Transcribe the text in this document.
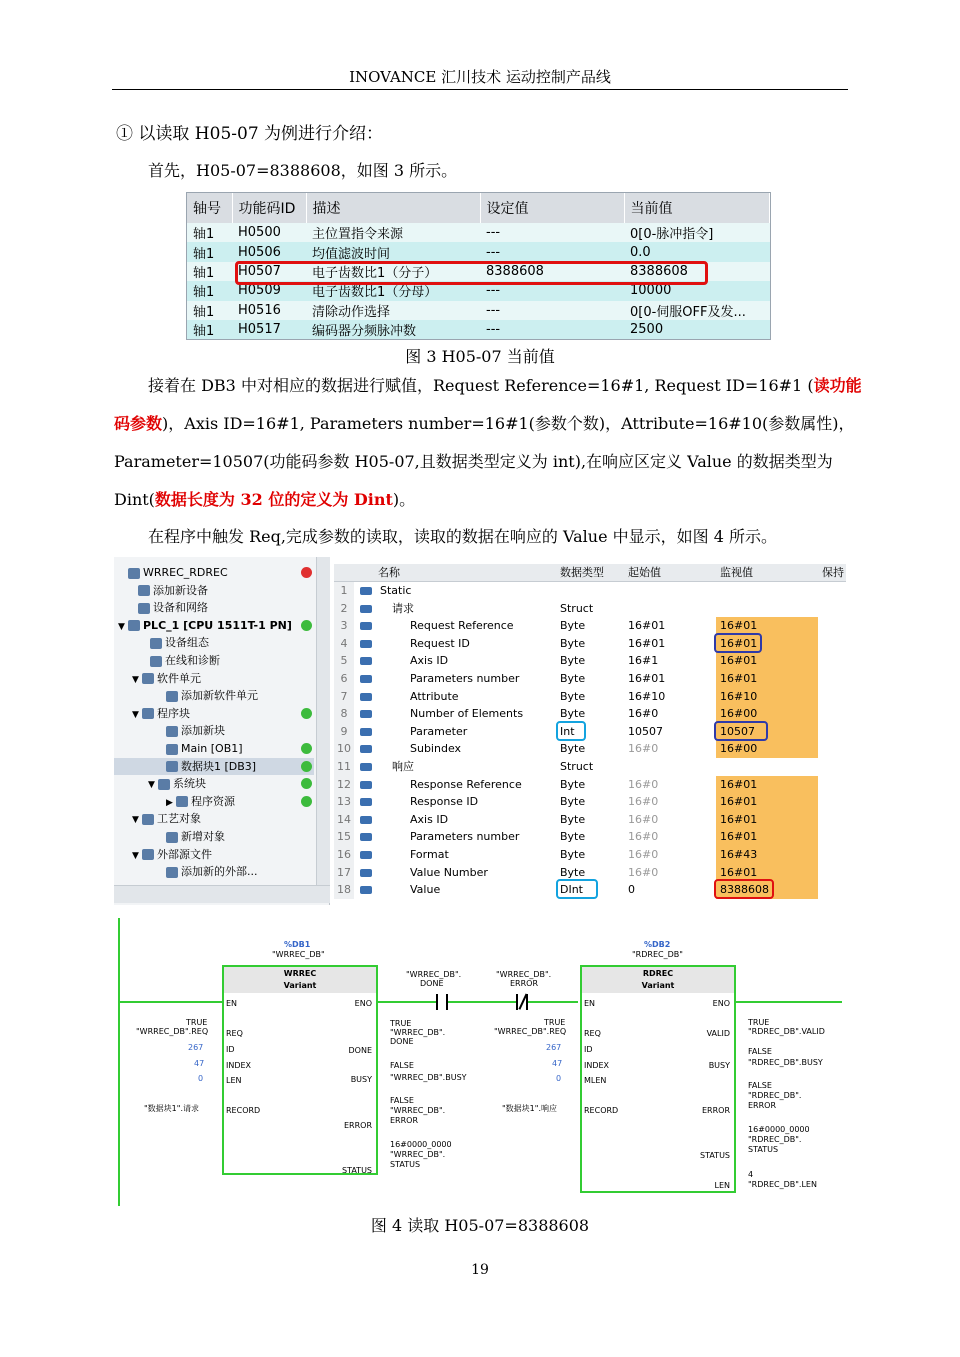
INOVANCE 汇川技术 运动控制产品线
① 以读取 H05-07 为例进行介绍：
首先，H05-07=8388608，如图 3 所示。
轴号	功能码ID	描述	设定值	当前值
轴1	H0500	主位置指令来源	---	0[0-脉冲指令]
轴1	H0506	均值滤波时间	---	0.0
轴1	H0507	电子齿数比1（分子）	8388608	8388608
轴1	H0509	电子齿数比1（分母）	---	10000
轴1	H0516	清除动作选择	---	0[0-伺服OFF及发...
轴1	H0517	编码器分频脉冲数	---	2500
图 3 H05-07 当前值
接着在 DB3 中对相应的数据进行赋值，Request Reference=16#1, Request ID=16#1 (读功能
码参数)，Axis ID=16#1, Parameters number=16#1(参数个数)，Attribute=16#10(参数属性)，
Parameter=10507(功能码参数 H05-07,且数据类型定义为 int),在响应区定义 Value 的数据类型为
Dint(数据长度为 32 位的定义为 Dint)。
在程序中触发 Req,完成参数的读取，读取的数据在响应的 Value 中显示，如图 4 所示。
WRREC_RDREC
添加新设备
设备和网络
▼ PLC_1 [CPU 1511T-1 PN]
设备组态
在线和诊断
▼ 软件单元
添加新软件单元
▼ 程序块
添加新块
Main [OB1]
数据块1 [DB3]
▼ 系统块
▶ 程序资源
▼ 工艺对象
新增对象
▼ 外部源文件
添加新的外部...
名称	数据类型 起始值	监视值	保持
1	Static
2	请求	Struct
3	Request Reference	Byte	16#01	16#01
4	Request ID	Byte	16#01	16#01
5	Axis ID	Byte	16#1	16#01
6	Parameters number	Byte	16#01	16#01
7	Attribute	Byte	16#10	16#10
8	Number of Elements	Byte	16#0	16#00
9	Parameter	Int	10507	10507
10	Subindex	Byte	16#0	16#00
11	响应	Struct
12	Response Reference	Byte	16#0	16#01
13	Response ID	Byte	16#0	16#01
14	Axis ID	Byte	16#0	16#01
15	Parameters number	Byte	16#0	16#01
16	Format	Byte	16#0	16#43
17	Value Number	Byte	16#0	16#01
18	Value	DInt	0	8388608
%DB1
"WRREC_DB"
WRREC
Variant
EN	ENO
REQ
ID
INDEX
LEN
RECORD
DONE
BUSY
ERROR
STATUS
TRUE
"WRREC_DB".REQ
267
47
0
"数据块1".请求
TRUE
"WRREC_DB".
DONE
FALSE
"WRREC_DB".BUSY
FALSE
"WRREC_DB".
ERROR
16#0000_0000
"WRREC_DB".
STATUS
"WRREC_DB".
DONE
"WRREC_DB".
ERROR
%DB2
"RDREC_DB"
RDREC
Variant
EN	ENO
REQ
ID
INDEX
MLEN
RECORD
VALID
BUSY
ERROR
STATUS
LEN
TRUE
"WRREC_DB".REQ
267
47
0
"数据块1".响应
TRUE
"RDREC_DB".VALID
FALSE
"RDREC_DB".BUSY
FALSE
"RDREC_DB".
ERROR
16#0000_0000
"RDREC_DB".
STATUS
4
"RDREC_DB".LEN
图 4 读取 H05-07=8388608
19
